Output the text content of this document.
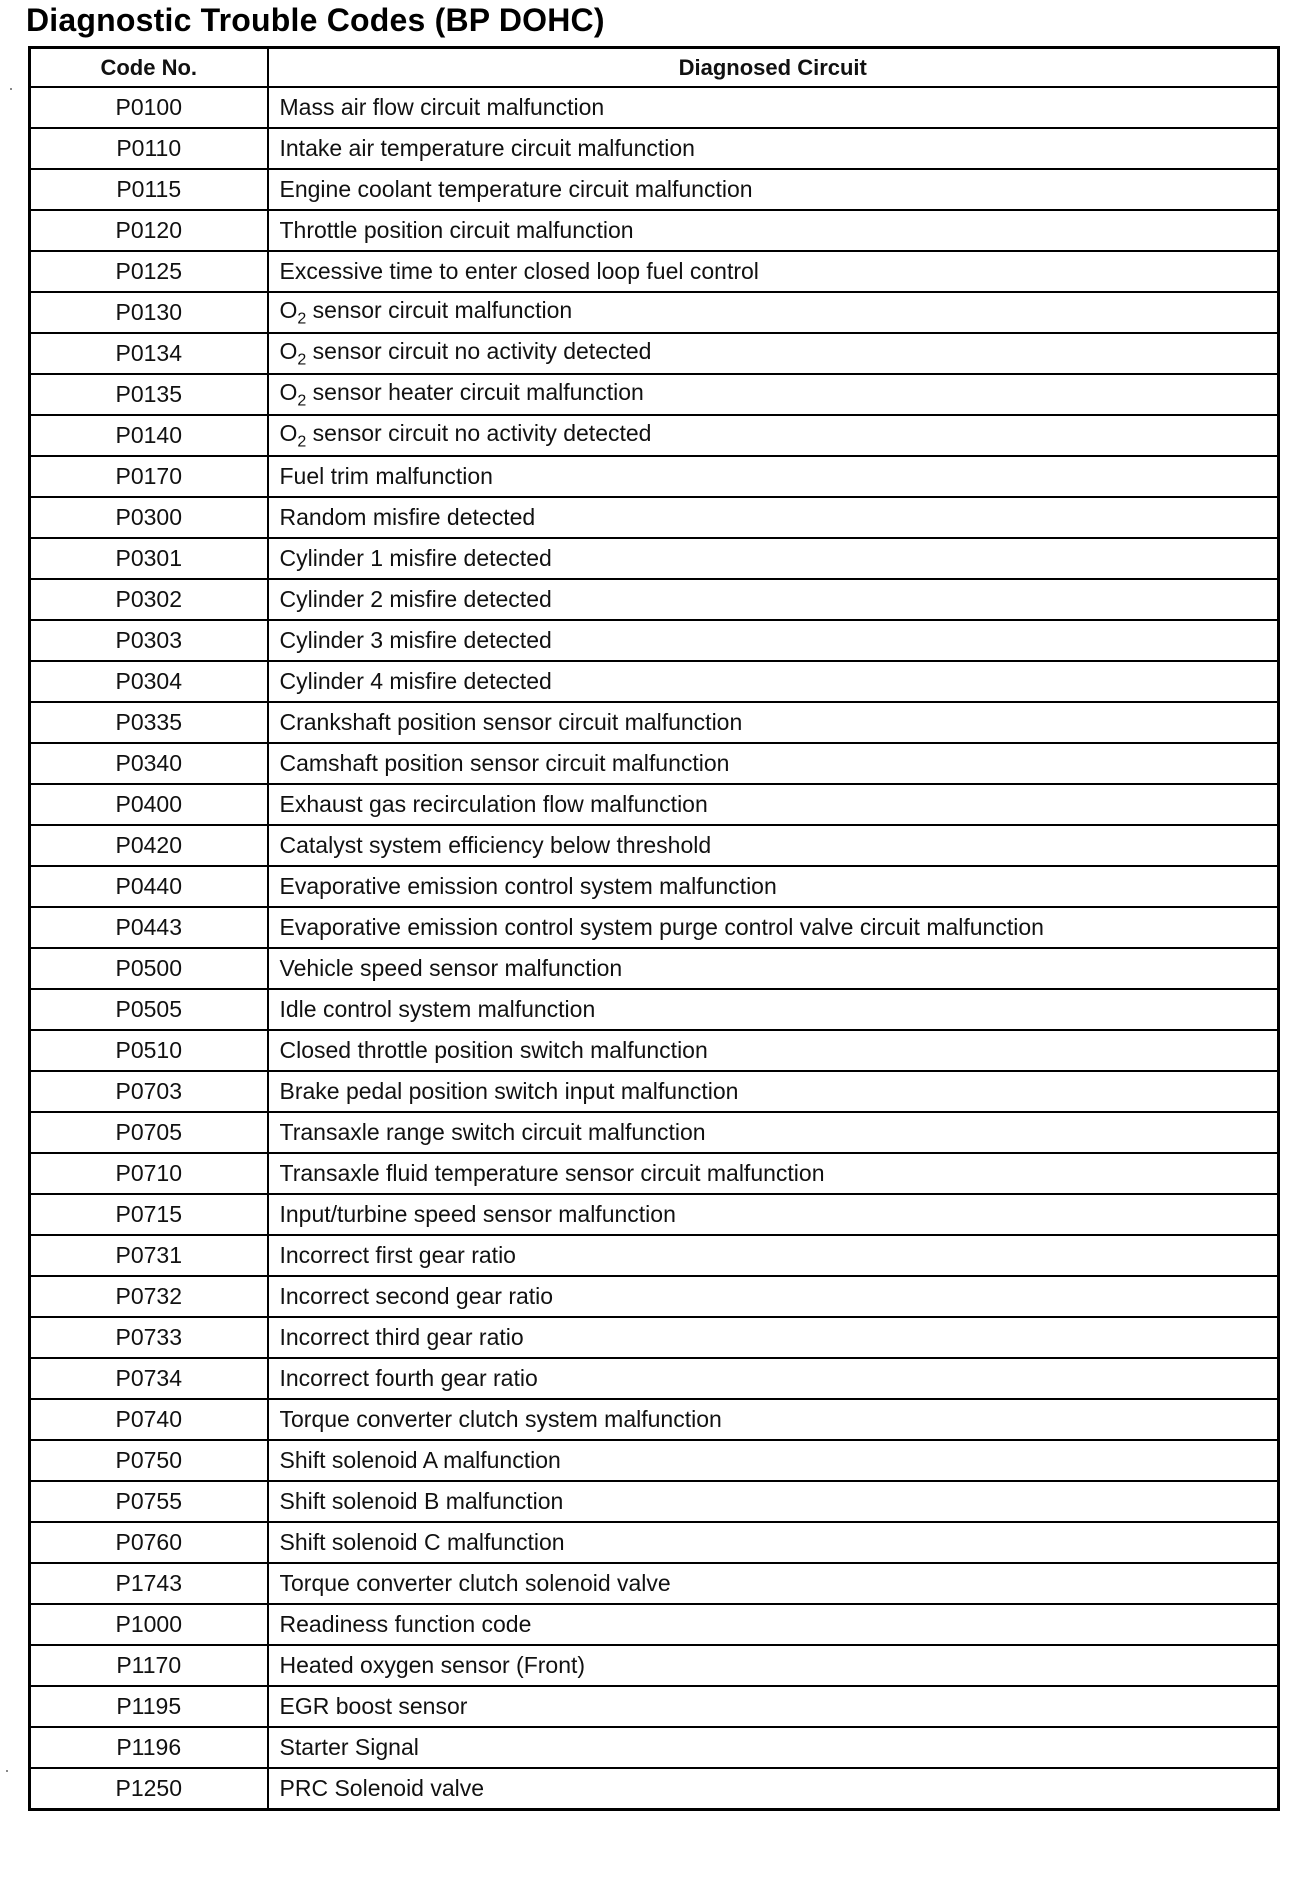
Diagnostic Trouble Codes (BP DOHC)
Code No.	Diagnosed Circuit
P0100	Mass air flow circuit malfunction
P0110	Intake air temperature circuit malfunction
P0115	Engine coolant temperature circuit malfunction
P0120	Throttle position circuit malfunction
P0125	Excessive time to enter closed loop fuel control
P0130	$O_2$ sensor circuit malfunction
P0134	$O_2$ sensor circuit no activity detected
P0135	$O_2$ sensor heater circuit malfunction
P0140	$O_2$ sensor circuit no activity detected
P0170	Fuel trim malfunction
P0300	Random misfire detected
P0301	Cylinder 1 misfire detected
P0302	Cylinder 2 misfire detected
P0303	Cylinder 3 misfire detected
P0304	Cylinder 4 misfire detected
P0335	Crankshaft position sensor circuit malfunction
P0340	Camshaft position sensor circuit malfunction
P0400	Exhaust gas recirculation flow malfunction
P0420	Catalyst system efficiency below threshold
P0440	Evaporative emission control system malfunction
P0443	Evaporative emission control system purge control valve circuit malfunction
P0500	Vehicle speed sensor malfunction
P0505	Idle control system malfunction
P0510	Closed throttle position switch malfunction
P0703	Brake pedal position switch input malfunction
P0705	Transaxle range switch circuit malfunction
P0710	Transaxle fluid temperature sensor circuit malfunction
P0715	Input/turbine speed sensor malfunction
P0731	Incorrect first gear ratio
P0732	Incorrect second gear ratio
P0733	Incorrect third gear ratio
P0734	Incorrect fourth gear ratio
P0740	Torque converter clutch system malfunction
P0750	Shift solenoid A malfunction
P0755	Shift solenoid B malfunction
P0760	Shift solenoid C malfunction
P1743	Torque converter clutch solenoid valve
P1000	Readiness function code
P1170	Heated oxygen sensor (Front)
P1195	EGR boost sensor
P1196	Starter Signal
P1250	PRC Solenoid valve
